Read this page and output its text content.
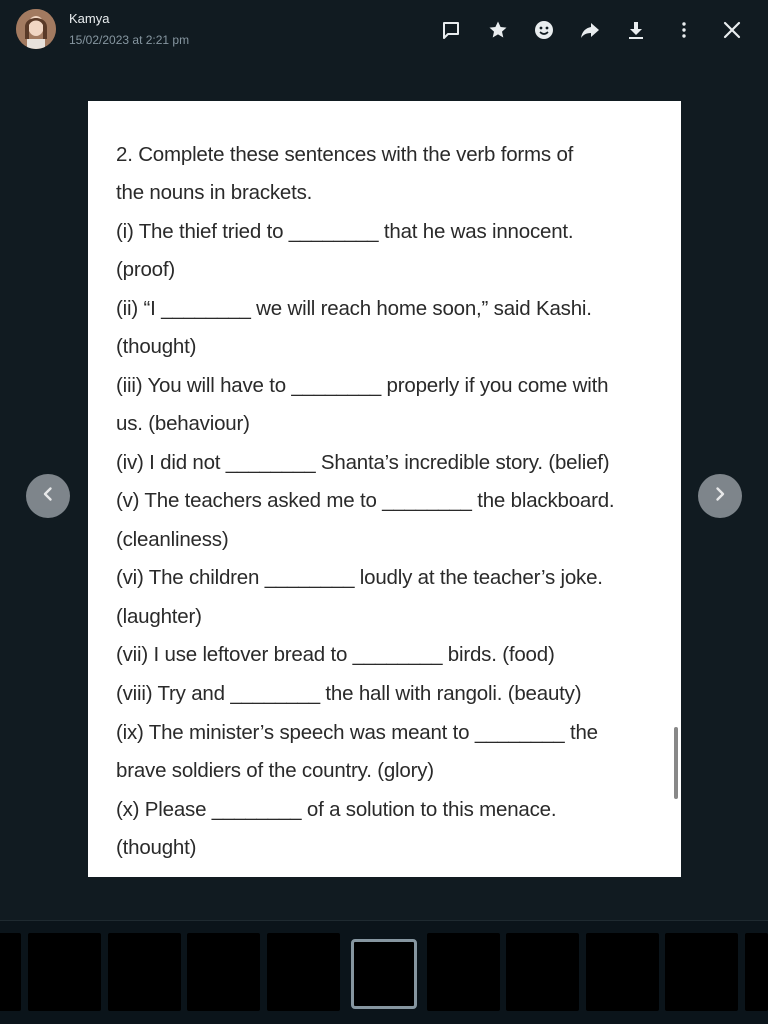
Kamya
15/02/2023 at 2:21 pm
2. Complete these sentences with the verb forms of
the nouns in brackets.
(i) The thief tried to ________ that he was innocent.
(proof)
(ii) “I ________ we will reach home soon,” said Kashi.
(thought)
(iii) You will have to ________ properly if you come with
us. (behaviour)
(iv) I did not ________ Shanta’s incredible story. (belief)
(v) The teachers asked me to ________ the blackboard.
(cleanliness)
(vi) The children ________ loudly at the teacher’s joke.
(laughter)
(vii) I use leftover bread to ________ birds. (food)
(viii) Try and ________ the hall with rangoli. (beauty)
(ix) The minister’s speech was meant to ________ the
brave soldiers of the country. (glory)
(x) Please ________ of a solution to this menace.
(thought)
